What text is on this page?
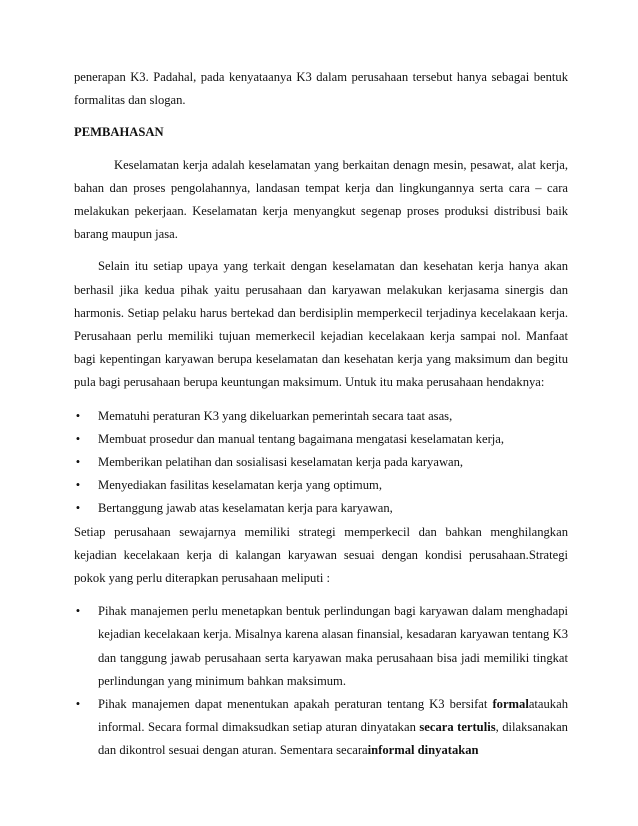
penerapan K3. Padahal, pada kenyataanya K3 dalam perusahaan tersebut hanya sebagai bentuk formalitas dan slogan.

PEMBAHASAN

Keselamatan kerja adalah keselamatan yang berkaitan denagn mesin, pesawat, alat kerja, bahan dan proses pengolahannya, landasan tempat kerja dan lingkungannya serta cara – cara melakukan pekerjaan. Keselamatan kerja menyangkut segenap proses produksi distribusi baik barang maupun jasa.

Selain itu setiap upaya yang terkait dengan keselamatan dan kesehatan kerja hanya akan berhasil jika kedua pihak yaitu perusahaan dan karyawan melakukan kerjasama sinergis dan harmonis. Setiap pelaku harus bertekad dan berdisiplin memperkecil terjadinya kecelakaan kerja. Perusahaan perlu memiliki tujuan memerkecil kejadian kecelakaan kerja sampai nol. Manfaat bagi kepentingan karyawan berupa keselamatan dan kesehatan kerja yang maksimum dan begitu pula bagi perusahaan berupa keuntungan maksimum. Untuk itu maka perusahaan hendaknya:

• Mematuhi peraturan K3 yang dikeluarkan pemerintah secara taat asas,
• Membuat prosedur dan manual tentang bagaimana mengatasi keselamatan kerja,
• Memberikan pelatihan dan sosialisasi keselamatan kerja pada karyawan,
• Menyediakan fasilitas keselamatan kerja yang optimum,
• Bertanggung jawab atas keselamatan kerja para karyawan,

Setiap perusahaan sewajarnya memiliki strategi memperkecil dan bahkan menghilangkan kejadian kecelakaan kerja di kalangan karyawan sesuai dengan kondisi perusahaan.Strategi pokok yang perlu diterapkan perusahaan meliputi :

• Pihak manajemen perlu menetapkan bentuk perlindungan bagi karyawan dalam menghadapi kejadian kecelakaan kerja. Misalnya karena alasan finansial, kesadaran karyawan tentang K3 dan tanggung jawab perusahaan serta karyawan maka perusahaan bisa jadi memiliki tingkat perlindungan yang minimum bahkan maksimum.
• Pihak manajemen dapat menentukan apakah peraturan tentang K3 bersifat formalataukah informal. Secara formal dimaksudkan setiap aturan dinyatakan secara tertulis, dilaksanakan dan dikontrol sesuai dengan aturan. Sementara secarainformal dinyatakan
